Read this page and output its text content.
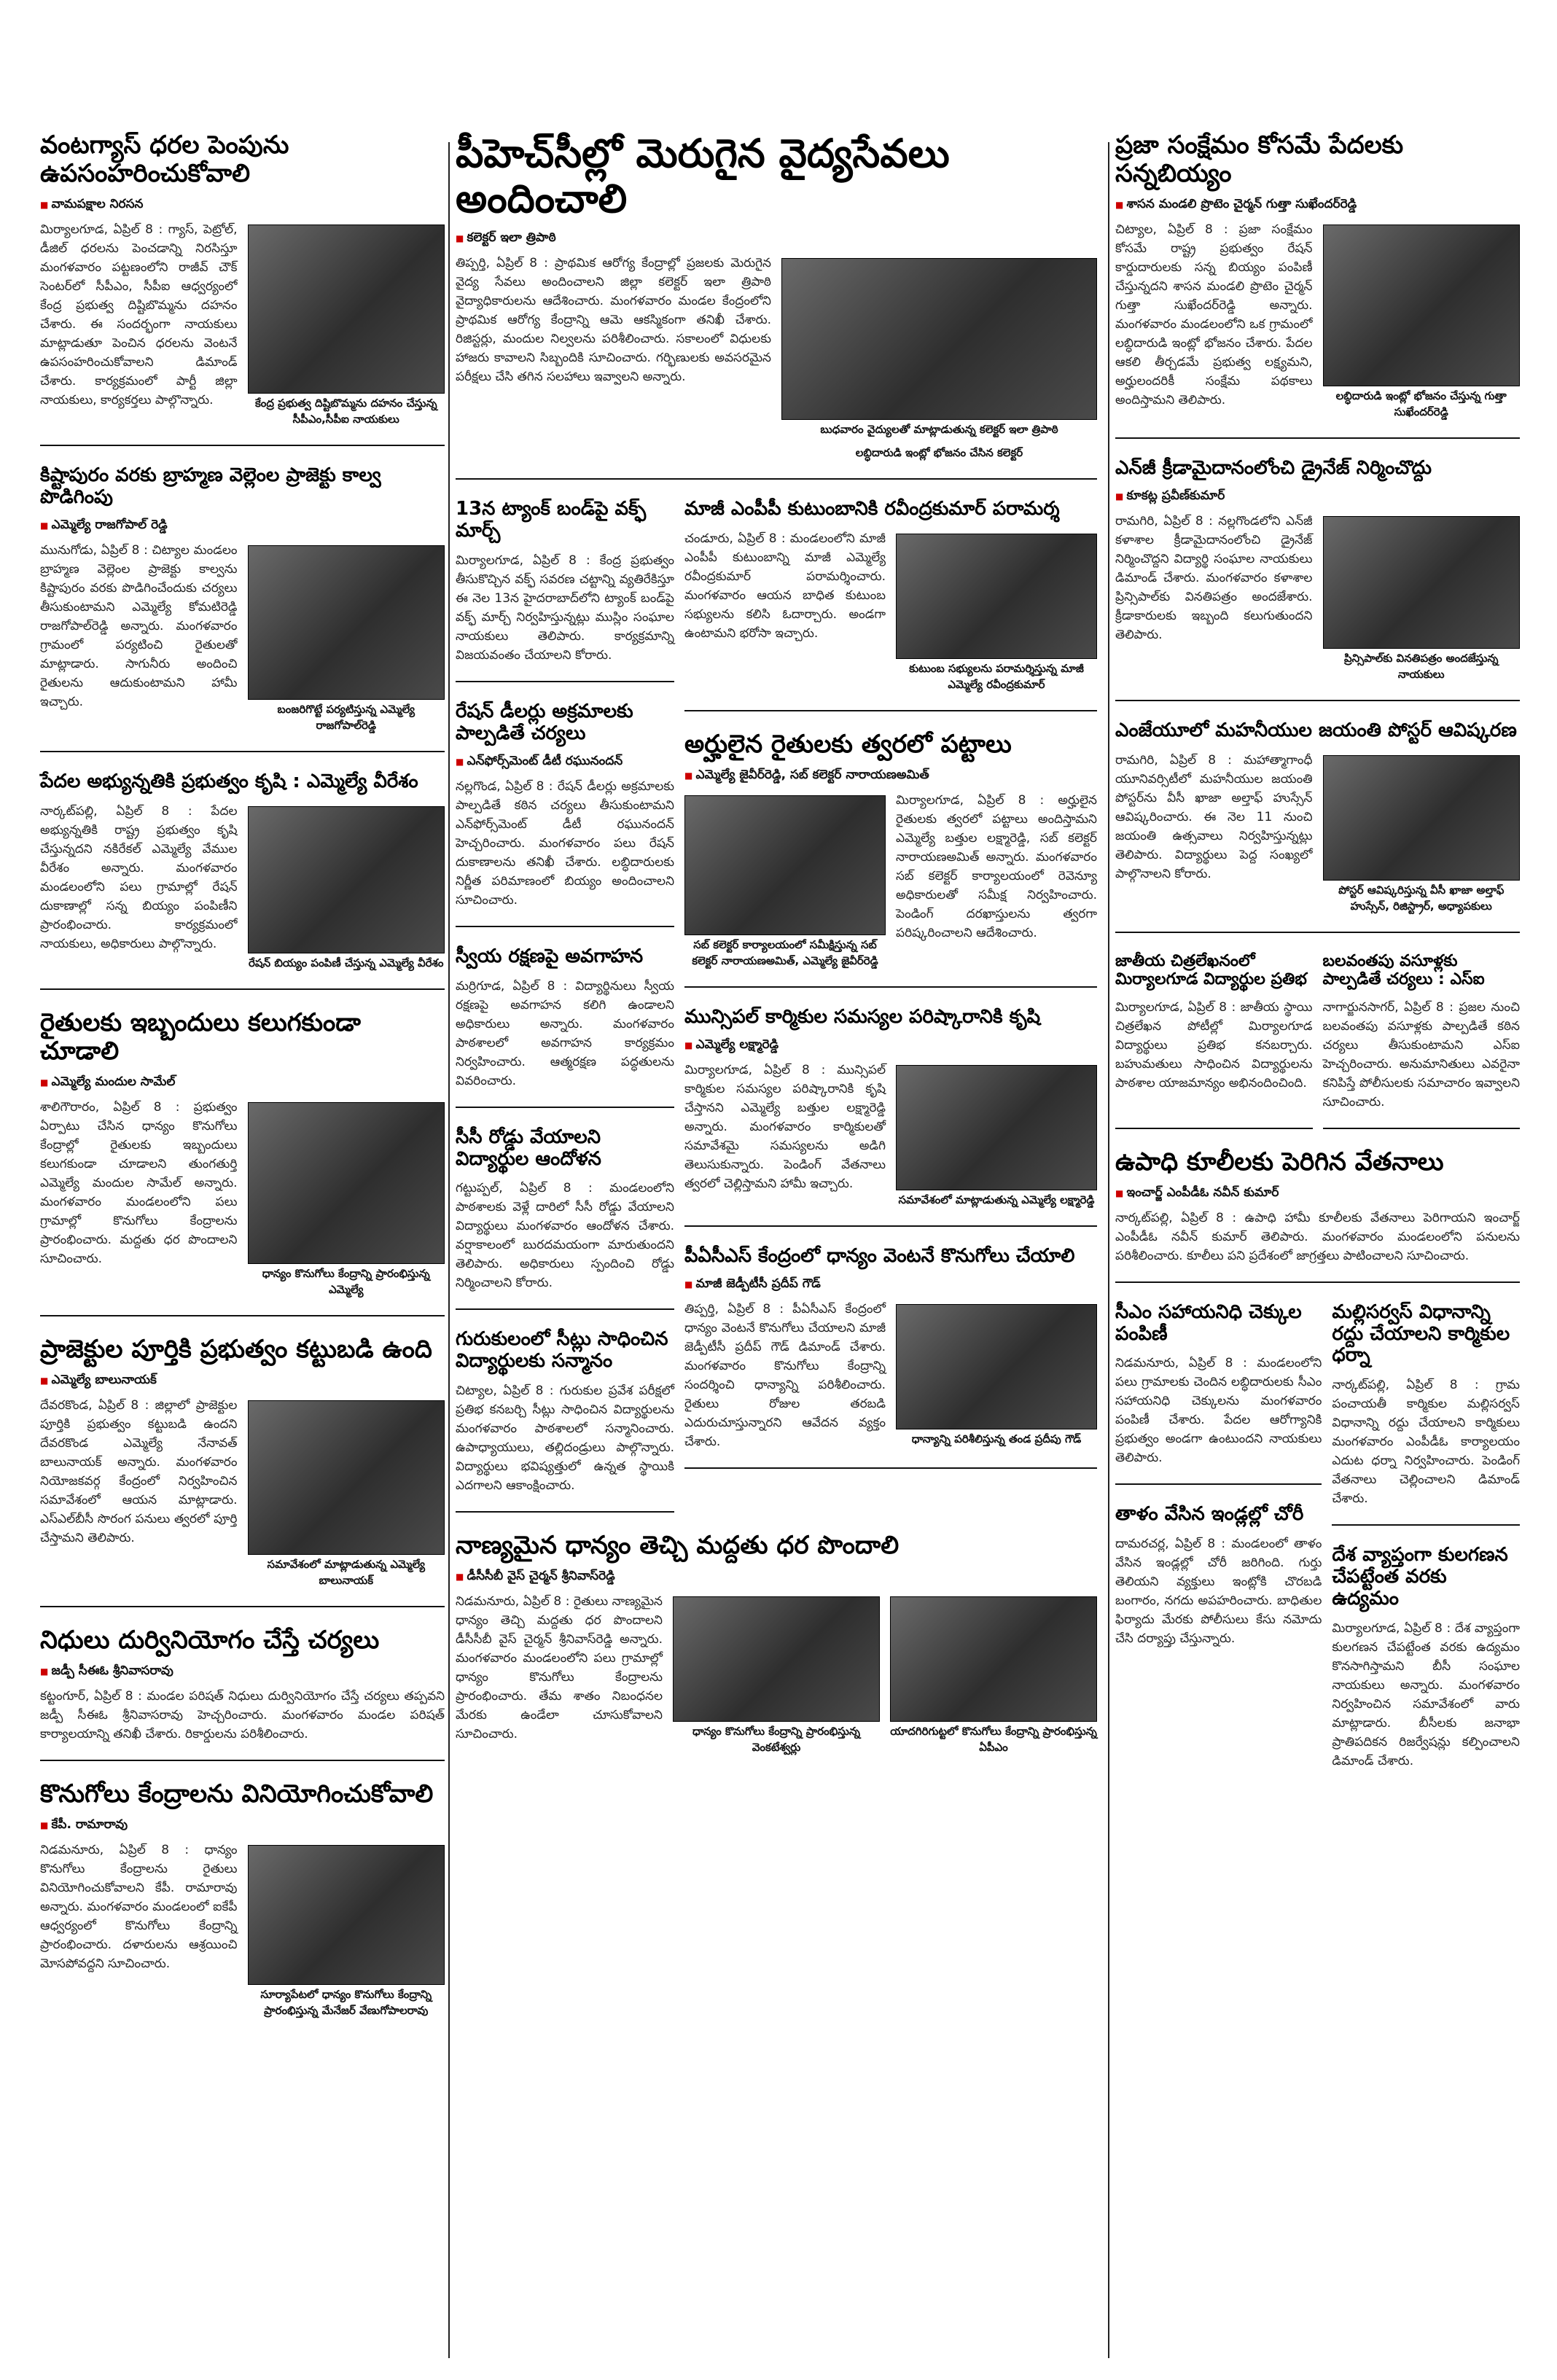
వంటగ్యాస్ ధరల పెంపును ఉపసంహరించుకోవాలి
■ వామపక్షాల నిరసన

మిర్యాలగూడ, ఏప్రిల్ 8 : గ్యాస్, పెట్రోల్, డీజిల్ ధరలను పెంచడాన్ని నిరసిస్తూ మంగళవారం పట్టణంలోని రాజీవ్ చౌక్ సెంటర్‌లో సీపీఎం, సీపీఐ ఆధ్వర్యంలో కేంద్ర ప్రభుత్వ దిష్టిబొమ్మను దహనం చేశారు. ఈ సందర్భంగా నాయకులు మాట్లాడుతూ పెంచిన ధరలను వెంటనే ఉపసంహరించుకోవాలని డిమాండ్ చేశారు. కార్యక్రమంలో పార్టీ జిల్లా నాయకులు, కార్యకర్తలు పాల్గొన్నారు.	కేంద్ర ప్రభుత్వ దిష్టిబొమ్మను దహనం చేస్తున్న సీపీఎం,సీపీఐ నాయకులు
కిష్టాపురం వరకు బ్రాహ్మణ వెల్లెంల ప్రాజెక్టు కాల్వ పొడిగింపు
■ ఎమ్మెల్యే రాజగోపాల్ రెడ్డి

మునుగోడు, ఏప్రిల్ 8 : చిట్యాల మండలం బ్రాహ్మణ వెల్లెంల ప్రాజెక్టు కాల్వను కిష్టాపురం వరకు పొడిగించేందుకు చర్యలు తీసుకుంటామని ఎమ్మెల్యే కోమటిరెడ్డి రాజగోపాల్‌రెడ్డి అన్నారు. మంగళవారం గ్రామంలో పర్యటించి రైతులతో మాట్లాడారు. సాగునీరు అందించి రైతులను ఆదుకుంటామని హామీ ఇచ్చారు.	బంజరిగొట్టే పర్యటిస్తున్న ఎమ్మెల్యే రాజగోపాల్‌రెడ్డి
పేదల అభ్యున్నతికి ప్రభుత్వం కృషి : ఎమ్మెల్యే వీరేశం

నార్కట్‌పల్లి, ఏప్రిల్ 8 : పేదల అభ్యున్నతికి రాష్ట్ర ప్రభుత్వం కృషి చేస్తున్నదని నకిరేకల్ ఎమ్మెల్యే వేముల వీరేశం అన్నారు. మంగళవారం మండలంలోని పలు గ్రామాల్లో రేషన్ దుకాణాల్లో సన్న బియ్యం పంపిణీని ప్రారంభించారు. కార్యక్రమంలో నాయకులు, అధికారులు పాల్గొన్నారు.

రేషన్ బియ్యం పంపిణీ చేస్తున్న ఎమ్మెల్యే వీరేశం
రైతులకు ఇబ్బందులు కలుగకుండా చూడాలి
■ ఎమ్మెల్యే మందుల సామేల్

శాలిగౌరారం, ఏప్రిల్ 8 : ప్రభుత్వం ఏర్పాటు చేసిన ధాన్యం కొనుగోలు కేంద్రాల్లో రైతులకు ఇబ్బందులు కలుగకుండా చూడాలని తుంగతుర్తి ఎమ్మెల్యే మందుల సామేల్ అన్నారు. మంగళవారం మండలంలోని పలు గ్రామాల్లో కొనుగోలు కేంద్రాలను ప్రారంభించారు. మద్దతు ధర పొందాలని సూచించారు.

ధాన్యం కొనుగోలు కేంద్రాన్ని ప్రారంభిస్తున్న ఎమ్మెల్యే
ప్రాజెక్టుల పూర్తికి ప్రభుత్వం కట్టుబడి ఉంది
■ ఎమ్మెల్యే బాలునాయక్

దేవరకొండ, ఏప్రిల్ 8 : జిల్లాలో ప్రాజెక్టుల పూర్తికి ప్రభుత్వం కట్టుబడి ఉందని దేవరకొండ ఎమ్మెల్యే నేనావత్ బాలునాయక్ అన్నారు. మంగళవారం నియోజకవర్గ కేంద్రంలో నిర్వహించిన సమావేశంలో ఆయన మాట్లాడారు. ఎస్‌ఎల్‌బీసీ సొరంగ పనులు త్వరలో పూర్తి చేస్తామని తెలిపారు.

సమావేశంలో మాట్లాడుతున్న ఎమ్మెల్యే బాలునాయక్
నిధులు దుర్వినియోగం చేస్తే చర్యలు
■ జడ్పీ సీఈఓ శ్రీనివాసరావు

కట్టంగూర్, ఏప్రిల్ 8 : మండల పరిషత్ నిధులు దుర్వినియోగం చేస్తే చర్యలు తప్పవని జడ్పీ సీఈఓ శ్రీనివాసరావు హెచ్చరించారు. మంగళవారం మండల పరిషత్ కార్యాలయాన్ని తనిఖీ చేశారు. రికార్డులను పరిశీలించారు.

కొనుగోలు కేంద్రాలను వినియోగించుకోవాలి
■ కేపీ. రామారావు

నిడమనూరు, ఏప్రిల్ 8 : ధాన్యం కొనుగోలు కేంద్రాలను రైతులు వినియోగించుకోవాలని కేపీ. రామారావు అన్నారు. మంగళవారం మండలంలో ఐకేపీ ఆధ్వర్యంలో కొనుగోలు కేంద్రాన్ని ప్రారంభించారు. దళారులను ఆశ్రయించి మోసపోవద్దని సూచించారు.

సూర్యాపేటలో ధాన్యం కొనుగోలు కేంద్రాన్ని ప్రారంభిస్తున్న మేనేజర్ వేణుగోపాలరావు
పీహెచ్‌సీల్లో మెరుగైన వైద్యసేవలు అందించాలి
■ కలెక్టర్ ఇలా త్రిపాఠి

తిప్పర్తి, ఏప్రిల్ 8 : ప్రాథమిక ఆరోగ్య కేంద్రాల్లో ప్రజలకు మెరుగైన వైద్య సేవలు అందించాలని జిల్లా కలెక్టర్ ఇలా త్రిపాఠి వైద్యాధికారులను ఆదేశించారు. మంగళవారం మండల కేంద్రంలోని ప్రాథమిక ఆరోగ్య కేంద్రాన్ని ఆమె ఆకస్మికంగా తనిఖీ చేశారు. రిజిస్టర్లు, మందుల నిల్వలను పరిశీలించారు. సకాలంలో విధులకు హాజరు కావాలని సిబ్బందికి సూచించారు. గర్భిణులకు అవసరమైన పరీక్షలు చేసి తగిన సలహాలు ఇవ్వాలని అన్నారు.

బుధవారం వైద్యులతో మాట్లాడుతున్న కలెక్టర్ ఇలా త్రిపాఠి
లబ్ధిదారుడి ఇంట్లో భోజనం చేసిన కలెక్టర్
13న ట్యాంక్ బండ్‌పై వక్ఫ్ మార్చ్

మిర్యాలగూడ, ఏప్రిల్ 8 : కేంద్ర ప్రభుత్వం తీసుకొచ్చిన వక్ఫ్ సవరణ చట్టాన్ని వ్యతిరేకిస్తూ ఈ నెల 13న హైదరాబాద్‌లోని ట్యాంక్ బండ్‌పై వక్ఫ్ మార్చ్ నిర్వహిస్తున్నట్లు ముస్లిం సంఘాల నాయకులు తెలిపారు. కార్యక్రమాన్ని విజయవంతం చేయాలని కోరారు.

రేషన్ డీలర్లు అక్రమాలకు పాల్పడితే చర్యలు
■ ఎన్‌ఫోర్స్‌మెంట్ డీటీ రఘునందన్

నల్లగొండ, ఏప్రిల్ 8 : రేషన్ డీలర్లు అక్రమాలకు పాల్పడితే కఠిన చర్యలు తీసుకుంటామని ఎన్‌ఫోర్స్‌మెంట్ డీటీ రఘునందన్ హెచ్చరించారు. మంగళవారం పలు రేషన్ దుకాణాలను తనిఖీ చేశారు. లబ్ధిదారులకు నిర్ణీత పరిమాణంలో బియ్యం అందించాలని సూచించారు.

స్వీయ రక్షణపై అవగాహన

మర్రిగూడ, ఏప్రిల్ 8 : విద్యార్థినులు స్వీయ రక్షణపై అవగాహన కలిగి ఉండాలని అధికారులు అన్నారు. మంగళవారం పాఠశాలలో అవగాహన కార్యక్రమం నిర్వహించారు. ఆత్మరక్షణ పద్ధతులను వివరించారు.

సీసీ రోడ్డు వేయాలని విద్యార్థుల ఆందోళన

గట్టుప్పల్, ఏప్రిల్ 8 : మండలంలోని పాఠశాలకు వెళ్లే దారిలో సీసీ రోడ్డు వేయాలని విద్యార్థులు మంగళవారం ఆందోళన చేశారు. వర్షాకాలంలో బురదమయంగా మారుతుందని తెలిపారు. అధికారులు స్పందించి రోడ్డు నిర్మించాలని కోరారు.

గురుకులంలో సీట్లు సాధించిన విద్యార్థులకు సన్మానం

చిట్యాల, ఏప్రిల్ 8 : గురుకుల ప్రవేశ పరీక్షలో ప్రతిభ కనబర్చి సీట్లు సాధించిన విద్యార్థులను మంగళవారం పాఠశాలలో సన్మానించారు. ఉపాధ్యాయులు, తల్లిదండ్రులు పాల్గొన్నారు. విద్యార్థులు భవిష్యత్తులో ఉన్నత స్థాయికి ఎదగాలని ఆకాంక్షించారు.

మాజీ ఎంపీపీ కుటుంబానికి రవీంద్రకుమార్ పరామర్శ

చండూరు, ఏప్రిల్ 8 : మండలంలోని మాజీ ఎంపీపీ కుటుంబాన్ని మాజీ ఎమ్మెల్యే రవీంద్రకుమార్ పరామర్శించారు. మంగళవారం ఆయన బాధిత కుటుంబ సభ్యులను కలిసి ఓదార్చారు. అండగా ఉంటామని భరోసా ఇచ్చారు.

కుటుంబ సభ్యులను పరామర్శిస్తున్న మాజీ ఎమ్మెల్యే రవీంద్రకుమార్
అర్హులైన రైతులకు త్వరలో పట్టాలు
■ ఎమ్మెల్యే జైవీర్‌రెడ్డి, సబ్ కలెక్టర్ నారాయణఅమిత్
సబ్ కలెక్టర్ కార్యాలయంలో సమీక్షిస్తున్న సబ్ కలెక్టర్ నారాయణఅమిత్, ఎమ్మెల్యే జైవీర్‌రెడ్డి

మిర్యాలగూడ, ఏప్రిల్ 8 : అర్హులైన రైతులకు త్వరలో పట్టాలు అందిస్తామని ఎమ్మెల్యే బత్తుల లక్ష్మారెడ్డి, సబ్ కలెక్టర్ నారాయణఅమిత్ అన్నారు. మంగళవారం సబ్ కలెక్టర్ కార్యాలయంలో రెవెన్యూ అధికారులతో సమీక్ష నిర్వహించారు. పెండింగ్ దరఖాస్తులను త్వరగా పరిష్కరించాలని ఆదేశించారు.

మున్సిపల్ కార్మికుల సమస్యల పరిష్కారానికి కృషి
■ ఎమ్మెల్యే లక్ష్మారెడ్డి

మిర్యాలగూడ, ఏప్రిల్ 8 : మున్సిపల్ కార్మికుల సమస్యల పరిష్కారానికి కృషి చేస్తానని ఎమ్మెల్యే బత్తుల లక్ష్మారెడ్డి అన్నారు. మంగళవారం కార్మికులతో సమావేశమై సమస్యలను అడిగి తెలుసుకున్నారు. పెండింగ్ వేతనాలు త్వరలో చెల్లిస్తామని హామీ ఇచ్చారు.

సమావేశంలో మాట్లాడుతున్న ఎమ్మెల్యే లక్ష్మారెడ్డి
పీఏసీఎస్ కేంద్రంలో ధాన్యం వెంటనే కొనుగోలు చేయాలి
■ మాజీ జెడ్పీటీసీ ప్రదీప్ గౌడ్

తిప్పర్తి, ఏప్రిల్ 8 : పీఏసీఎస్ కేంద్రంలో ధాన్యం వెంటనే కొనుగోలు చేయాలని మాజీ జెడ్పీటీసీ ప్రదీప్ గౌడ్ డిమాండ్ చేశారు. మంగళవారం కొనుగోలు కేంద్రాన్ని సందర్శించి ధాన్యాన్ని పరిశీలించారు. రైతులు రోజుల తరబడి ఎదురుచూస్తున్నారని ఆవేదన వ్యక్తం చేశారు.	ధాన్యాన్ని పరిశీలిస్తున్న తండ ప్రదీపు గౌడ్
నాణ్యమైన ధాన్యం తెచ్చి మద్దతు ధర పొందాలి
■ డీసీసీబీ వైస్ చైర్మన్ శ్రీనివాస్‌రెడ్డి

నిడమనూరు, ఏప్రిల్ 8 : రైతులు నాణ్యమైన ధాన్యం తెచ్చి మద్దతు ధర పొందాలని డీసీసీబీ వైస్ చైర్మన్ శ్రీనివాస్‌రెడ్డి అన్నారు. మంగళవారం మండలంలోని పలు గ్రామాల్లో ధాన్యం కొనుగోలు కేంద్రాలను ప్రారంభించారు. తేమ శాతం నిబంధనల మేరకు ఉండేలా చూసుకోవాలని సూచించారు.	ధాన్యం కొనుగోలు కేంద్రాన్ని ప్రారంభిస్తున్న వెంకటేశ్వర్లు
యాదగిరిగుట్టలో కొనుగోలు కేంద్రాన్ని ప్రారంభిస్తున్న ఏపీఎం
ప్రజా సంక్షేమం కోసమే పేదలకు సన్నబియ్యం
■ శాసన మండలి ప్రొటెం చైర్మన్ గుత్తా సుఖేందర్‌రెడ్డి

చిట్యాల, ఏప్రిల్ 8 : ప్రజా సంక్షేమం కోసమే రాష్ట్ర ప్రభుత్వం రేషన్ కార్డుదారులకు సన్న బియ్యం పంపిణీ చేస్తున్నదని శాసన మండలి ప్రొటెం చైర్మన్ గుత్తా సుఖేందర్‌రెడ్డి అన్నారు. మంగళవారం మండలంలోని ఒక గ్రామంలో లబ్ధిదారుడి ఇంట్లో భోజనం చేశారు. పేదల ఆకలి తీర్చడమే ప్రభుత్వ లక్ష్యమని, అర్హులందరికీ సంక్షేమ పథకాలు అందిస్తామని తెలిపారు.	లబ్ధిదారుడి ఇంట్లో భోజనం చేస్తున్న గుత్తా సుఖేందర్‌రెడ్డి
ఎన్‌జీ క్రీడామైదానంలోంచి డ్రైనేజ్ నిర్మించొద్దు
■ కూకట్ల ప్రవీణ్‌కుమార్

రామగిరి, ఏప్రిల్ 8 : నల్లగొండలోని ఎన్‌జీ కళాశాల క్రీడామైదానంలోంచి డ్రైనేజ్ నిర్మించొద్దని విద్యార్థి సంఘాల నాయకులు డిమాండ్ చేశారు. మంగళవారం కళాశాల ప్రిన్సిపాల్‌కు వినతిపత్రం అందజేశారు. క్రీడాకారులకు ఇబ్బంది కలుగుతుందని తెలిపారు.

ప్రిన్సిపాల్‌కు వినతిపత్రం అందజేస్తున్న నాయకులు
ఎంజేయూలో మహనీయుల జయంతి పోస్టర్ ఆవిష్కరణ

రామగిరి, ఏప్రిల్ 8 : మహాత్మాగాంధీ యూనివర్సిటీలో మహనీయుల జయంతి పోస్టర్‌ను వీసీ ఖాజా అల్తాఫ్ హుస్సేన్ ఆవిష్కరించారు. ఈ నెల 11 నుంచి జయంతి ఉత్సవాలు నిర్వహిస్తున్నట్లు తెలిపారు. విద్యార్థులు పెద్ద సంఖ్యలో పాల్గొనాలని కోరారు.

పోస్టర్ ఆవిష్కరిస్తున్న వీసీ ఖాజా అల్తాఫ్ హుస్సేన్, రిజిస్ట్రార్, అధ్యాపకులు
జాతీయ చిత్రలేఖనంలో మిర్యాలగూడ విద్యార్థుల ప్రతిభ

మిర్యాలగూడ, ఏప్రిల్ 8 : జాతీయ స్థాయి చిత్రలేఖన పోటీల్లో మిర్యాలగూడ విద్యార్థులు ప్రతిభ కనబర్చారు. బహుమతులు సాధించిన విద్యార్థులను పాఠశాల యాజమాన్యం అభినందించింది.

బలవంతపు వసూళ్లకు పాల్పడితే చర్యలు : ఎస్‌ఐ

నాగార్జునసాగర్, ఏప్రిల్ 8 : ప్రజల నుంచి బలవంతపు వసూళ్లకు పాల్పడితే కఠిన చర్యలు తీసుకుంటామని ఎస్‌ఐ హెచ్చరించారు. అనుమానితులు ఎవరైనా కనిపిస్తే పోలీసులకు సమాచారం ఇవ్వాలని సూచించారు.

ఉపాధి కూలీలకు పెరిగిన వేతనాలు
■ ఇంచార్జ్ ఎంపీడీఓ నవీన్ కుమార్

నార్కట్‌పల్లి, ఏప్రిల్ 8 : ఉపాధి హామీ కూలీలకు వేతనాలు పెరిగాయని ఇంచార్జ్ ఎంపీడీఓ నవీన్ కుమార్ తెలిపారు. మంగళవారం మండలంలోని పనులను పరిశీలించారు. కూలీలు పని ప్రదేశంలో జాగ్రత్తలు పాటించాలని సూచించారు.

సీఎం సహాయనిధి చెక్కుల పంపిణీ

నిడమనూరు, ఏప్రిల్ 8 : మండలంలోని పలు గ్రామాలకు చెందిన లబ్ధిదారులకు సీఎం సహాయనిధి చెక్కులను మంగళవారం పంపిణీ చేశారు. పేదల ఆరోగ్యానికి ప్రభుత్వం అండగా ఉంటుందని నాయకులు తెలిపారు.

తాళం వేసిన ఇండ్లల్లో చోరీ

దామరచర్ల, ఏప్రిల్ 8 : మండలంలో తాళం వేసిన ఇండ్లల్లో చోరీ జరిగింది. గుర్తు తెలియని వ్యక్తులు ఇంట్లోకి చొరబడి బంగారం, నగదు అపహరించారు. బాధితుల ఫిర్యాదు మేరకు పోలీసులు కేసు నమోదు చేసి దర్యాప్తు చేస్తున్నారు.

మల్లిసర్వస్ విధానాన్ని రద్దు చేయాలని కార్మికుల ధర్నా

నార్కట్‌పల్లి, ఏప్రిల్ 8 : గ్రామ పంచాయతీ కార్మికుల మల్లిసర్వస్ విధానాన్ని రద్దు చేయాలని కార్మికులు మంగళవారం ఎంపీడీఓ కార్యాలయం ఎదుట ధర్నా నిర్వహించారు. పెండింగ్ వేతనాలు చెల్లించాలని డిమాండ్ చేశారు.

దేశ వ్యాప్తంగా కులగణన చేపట్టేంత వరకు ఉద్యమం

మిర్యాలగూడ, ఏప్రిల్ 8 : దేశ వ్యాప్తంగా కులగణన చేపట్టేంత వరకు ఉద్యమం కొనసాగిస్తామని బీసీ సంఘాల నాయకులు అన్నారు. మంగళవారం నిర్వహించిన సమావేశంలో వారు మాట్లాడారు. బీసీలకు జనాభా ప్రాతిపదికన రిజర్వేషన్లు కల్పించాలని డిమాండ్ చేశారు.
